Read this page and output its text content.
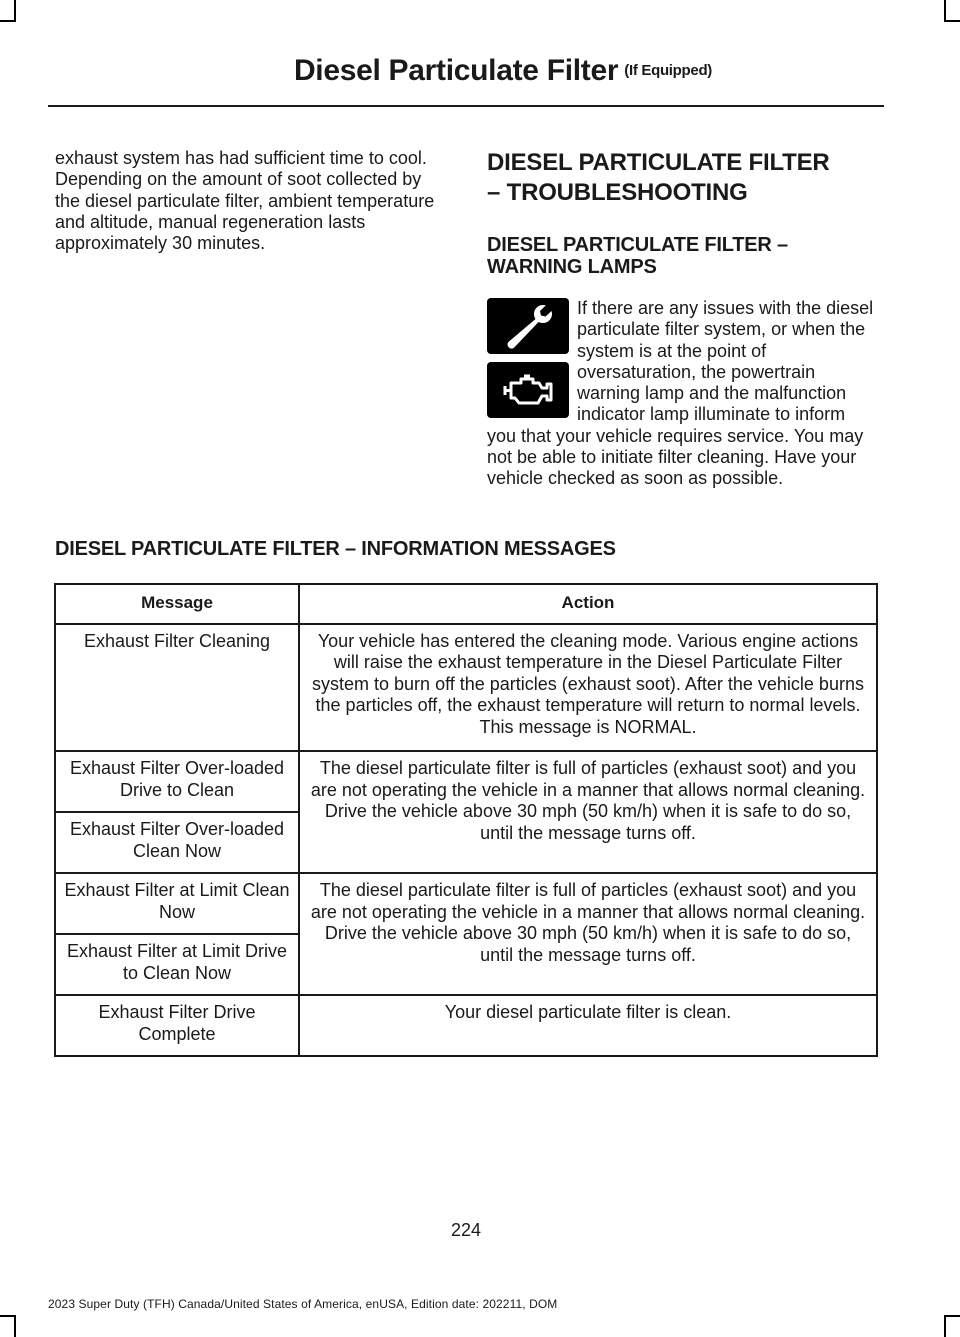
Diesel Particulate Filter (If Equipped)

exhaust system has had sufficient time to cool. Depending on the amount of soot collected by the diesel particulate filter, ambient temperature and altitude, manual regeneration lasts approximately 30 minutes.

DIESEL PARTICULATE FILTER
– TROUBLESHOOTING
DIESEL PARTICULATE FILTER – WARNING LAMPS

If there are any issues with the diesel particulate filter system, or when the system is at the point of oversaturation, the powertrain warning lamp and the malfunction indicator lamp illuminate to inform you that your vehicle requires service. You may not be able to initiate filter cleaning. Have your vehicle checked as soon as possible.

DIESEL PARTICULATE FILTER – INFORMATION MESSAGES
Message	Action
Exhaust Filter Cleaning	Your vehicle has entered the cleaning mode. Various engine actions will raise the exhaust temperature in the Diesel Particulate Filter system to burn off the particles (exhaust soot). After the vehicle burns the particles off, the exhaust temperature will return to normal levels. This message is NORMAL.
Exhaust Filter Over-loaded Drive to Clean	The diesel particulate filter is full of particles (exhaust soot) and you are not operating the vehicle in a manner that allows normal cleaning. Drive the vehicle above 30 mph (50 km/h) when it is safe to do so, until the message turns off.
Exhaust Filter Over-loaded Clean Now	
Exhaust Filter at Limit Clean Now	The diesel particulate filter is full of particles (exhaust soot) and you are not operating the vehicle in a manner that allows normal cleaning. Drive the vehicle above 30 mph (50 km/h) when it is safe to do so, until the message turns off.
Exhaust Filter at Limit Drive to Clean Now	
Exhaust Filter Drive Complete	Your diesel particulate filter is clean.
224
2023 Super Duty (TFH) Canada/United States of America, enUSA, Edition date: 202211, DOM
